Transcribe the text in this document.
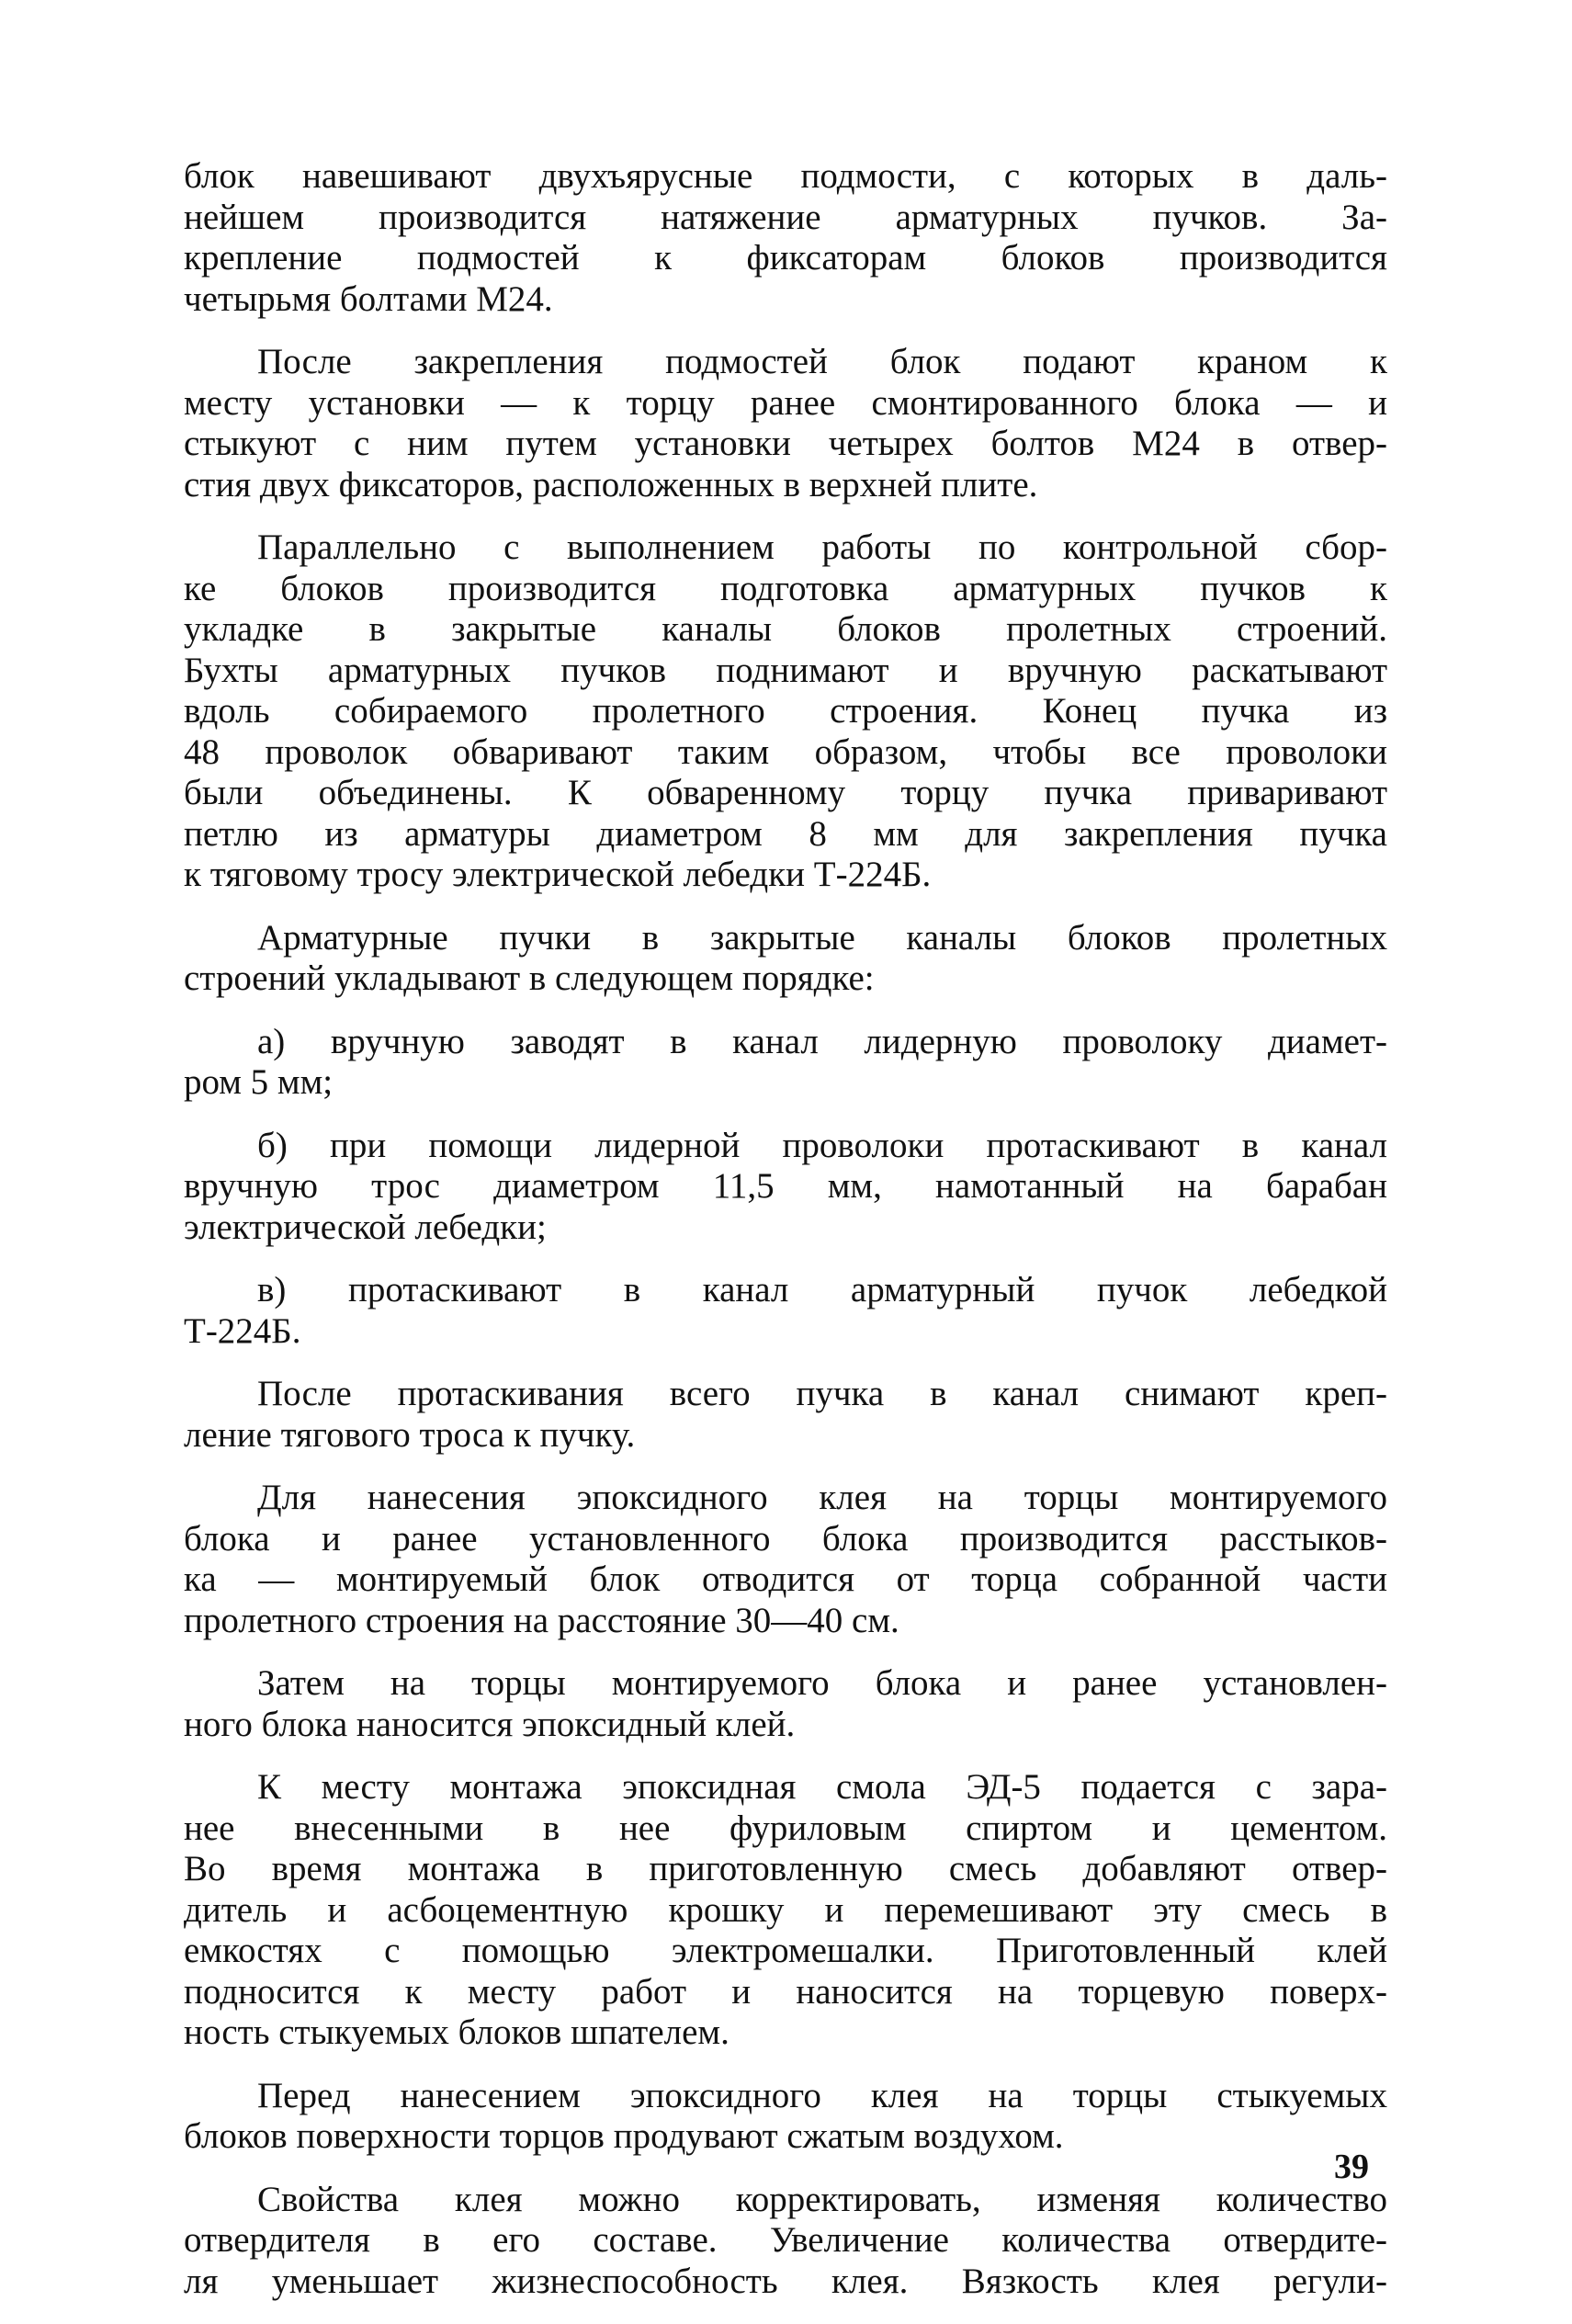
блок навешивают двухъярусные подмости, с которых в даль-
нейшем производится натяжение арматурных пучков. За-
крепление подмостей к фиксаторам блоков производится
четырьмя болтами М24.

После закрепления подмостей блок подают краном к
месту установки — к торцу ранее смонтированного блока — и
стыкуют с ним путем установки четырех болтов М24 в отвер-
стия двух фиксаторов, расположенных в верхней плите.

Параллельно с выполнением работы по контрольной сбор-
ке блоков производится подготовка арматурных пучков к
укладке в закрытые каналы блоков пролетных строений.
Бухты арматурных пучков поднимают и вручную раскатывают
вдоль собираемого пролетного строения. Конец пучка из
48 проволок обваривают таким образом, чтобы все проволоки
были объединены. К обваренному торцу пучка приваривают
петлю из арматуры диаметром 8 мм для закрепления пучка
к тяговому тросу электрической лебедки Т-224Б.

Арматурные пучки в закрытые каналы блоков пролетных
строений укладывают в следующем порядке:

а) вручную заводят в канал лидерную проволоку диамет-
ром 5 мм;

б) при помощи лидерной проволоки протаскивают в канал
вручную трос диаметром 11,5 мм, намотанный на барабан
электрической лебедки;

в) протаскивают в канал арматурный пучок лебедкой
Т-224Б.

После протаскивания всего пучка в канал снимают креп-
ление тягового троса к пучку.

Для нанесения эпоксидного клея на торцы монтируемого
блока и ранее установленного блока производится расстыков-
ка — монтируемый блок отводится от торца собранной части
пролетного строения на расстояние 30—40 см.

Затем на торцы монтируемого блока и ранее установлен-
ного блока наносится эпоксидный клей.

К месту монтажа эпоксидная смола ЭД-5 подается с зара-
нее внесенными в нее фуриловым спиртом и цементом.
Во время монтажа в приготовленную смесь добавляют отвер-
дитель и асбоцементную крошку и перемешивают эту смесь в
емкостях с помощью электромешалки. Приготовленный клей
подносится к месту работ и наносится на торцевую поверх-
ность стыкуемых блоков шпателем.

Перед нанесением эпоксидного клея на торцы стыкуемых
блоков поверхности торцов продувают сжатым воздухом.

Свойства клея можно корректировать, изменяя количество
отвердителя в его составе. Увеличение количества отвердите-
ля уменьшает жизнеспособность клея. Вязкость клея регули-

39
